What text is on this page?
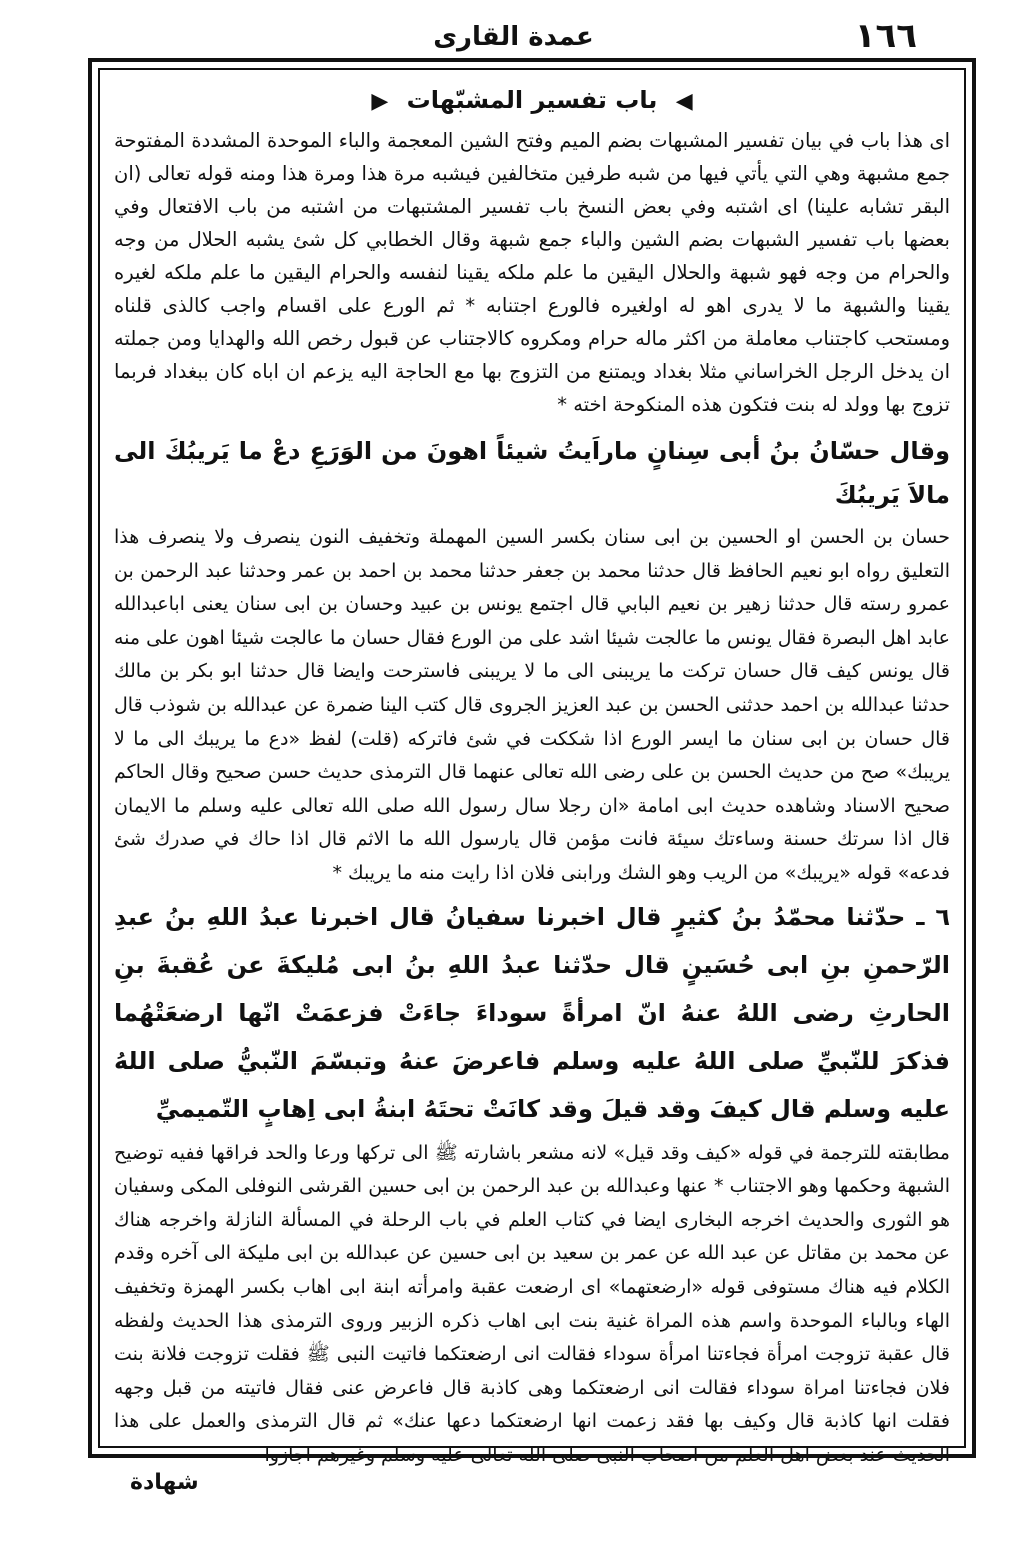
١٦٦
عمدة القاری
◀ باب تفسير المشبّهات ▶

اى هذا باب في بيان تفسير المشبهات بضم الميم وفتح الشين المعجمة والباء الموحدة المشددة المفتوحة جمع مشبهة وهي التي يأتي فيها من شبه طرفين متخالفين فيشبه مرة هذا ومرة هذا ومنه قوله تعالى (ان البقر تشابه علينا) اى اشتبه وفي بعض النسخ باب تفسير المشتبهات من اشتبه من باب الافتعال وفي بعضها باب تفسير الشبهات بضم الشين والباء جمع شبهة وقال الخطابي كل شئ يشبه الحلال من وجه والحرام من وجه فهو شبهة والحلال اليقين ما علم ملكه يقينا لنفسه والحرام اليقين ما علم ملكه لغيره يقينا والشبهة ما لا يدرى اهو له اولغيره فالورع اجتنابه * ثم الورع على اقسام واجب كالذى قلناه ومستحب كاجتناب معاملة من اكثر ماله حرام ومكروه كالاجتناب عن قبول رخص الله والهدايا ومن جملته ان يدخل الرجل الخراساني مثلا بغداد ويمتنع من التزوج بها مع الحاجة اليه يزعم ان اباه كان ببغداد فربما تزوج بها وولد له بنت فتكون هذه المنكوحة اخته *

وقال حسّانُ بنُ أبى سِنانٍ ماراَيتُ شيئاً اهونَ من الوَرَعِ دعْ ما يَريبُكَ الى مالاَ يَريبُكَ

حسان بن الحسن او الحسين بن ابى سنان بكسر السين المهملة وتخفيف النون ينصرف ولا ينصرف هذا التعليق رواه ابو نعيم الحافظ قال حدثنا محمد بن جعفر حدثنا محمد بن احمد بن عمر وحدثنا عبد الرحمن بن عمرو رسته قال حدثنا زهير بن نعيم البابي قال اجتمع يونس بن عبيد وحسان بن ابى سنان يعنى اباعبدالله عابد اهل البصرة فقال يونس ما عالجت شيئا اشد على من الورع فقال حسان ما عالجت شيئا اهون على منه قال يونس كيف قال حسان تركت ما يريبنى الى ما لا يريبنى فاسترحت وايضا قال حدثنا ابو بكر بن مالك حدثنا عبدالله بن احمد حدثنى الحسن بن عبد العزيز الجروى قال كتب الينا ضمرة عن عبدالله بن شوذب قال قال حسان بن ابى سنان ما ايسر الورع اذا شككت في شئ فاتركه (قلت) لفظ «دع ما يريبك الى ما لا يريبك» صح من حديث الحسن بن على رضى الله تعالى عنهما قال الترمذى حديث حسن صحيح وقال الحاكم صحيح الاسناد وشاهده حديث ابى امامة «ان رجلا سال رسول الله صلى الله تعالى عليه وسلم ما الايمان قال اذا سرتك حسنة وساءتك سيئة فانت مؤمن قال يارسول الله ما الاثم قال اذا حاك في صدرك شئ فدعه» قوله «يريبك» من الريب وهو الشك ورابنى فلان اذا رايت منه ما يريبك *

٦ ـ حدّثنا محمّدُ بنُ كثيرٍ قال اخبرنا سفيانُ قال اخبرنا عبدُ اللهِ بنُ عبدِ الرّحمنِ بنِ ابى حُسَينٍ قال حدّثنا عبدُ اللهِ بنُ ابى مُليكةَ عن عُقبةَ بنِ الحارثِ رضى اللهُ عنهُ انّ امرأةً سوداءَ جاءَتْ فزعمَتْ انّها ارضعَتْهُما فذكرَ للنّبيِّ صلى اللهُ عليه وسلم فاعرضَ عنهُ وتبسّمَ النّبيُّ صلى اللهُ عليه وسلم قال كيفَ وقد قيلَ وقد كانَتْ تحتَهُ ابنةُ ابى اِهابٍ التّميميِّ

مطابقته للترجمة في قوله «كيف وقد قيل» لانه مشعر باشارته ﷺ الى تركها ورعا والحد فراقها ففيه توضيح الشبهة وحكمها وهو الاجتناب * عنها وعبدالله بن عبد الرحمن بن ابى حسين القرشى النوفلى المكى وسفيان هو الثورى والحديث اخرجه البخارى ايضا في كتاب العلم في باب الرحلة في المسألة النازلة واخرجه هناك عن محمد بن مقاتل عن عبد الله عن عمر بن سعيد بن ابى حسين عن عبدالله بن ابى مليكة الى آخره وقدم الكلام فيه هناك مستوفى قوله «ارضعتهما» اى ارضعت عقبة وامرأته ابنة ابى اهاب بكسر الهمزة وتخفيف الهاء وبالباء الموحدة واسم هذه المراة غنية بنت ابى اهاب ذكره الزبير وروى الترمذى هذا الحديث ولفظه قال عقبة تزوجت امرأة فجاءتنا امرأة سوداء فقالت انى ارضعتكما فاتيت النبى ﷺ فقلت تزوجت فلانة بنت فلان فجاءتنا امراة سوداء فقالت انى ارضعتكما وهى كاذبة قال فاعرض عنى فقال فاتيته من قبل وجهه فقلت انها كاذبة قال وكيف بها فقد زعمت انها ارضعتكما دعها عنك» ثم قال الترمذى والعمل على هذا الحديث عند بعض اهل العلم من اصحاب النبى صلى الله تعالى عليه وسلم وغيرهم اجازوا

شهادة
